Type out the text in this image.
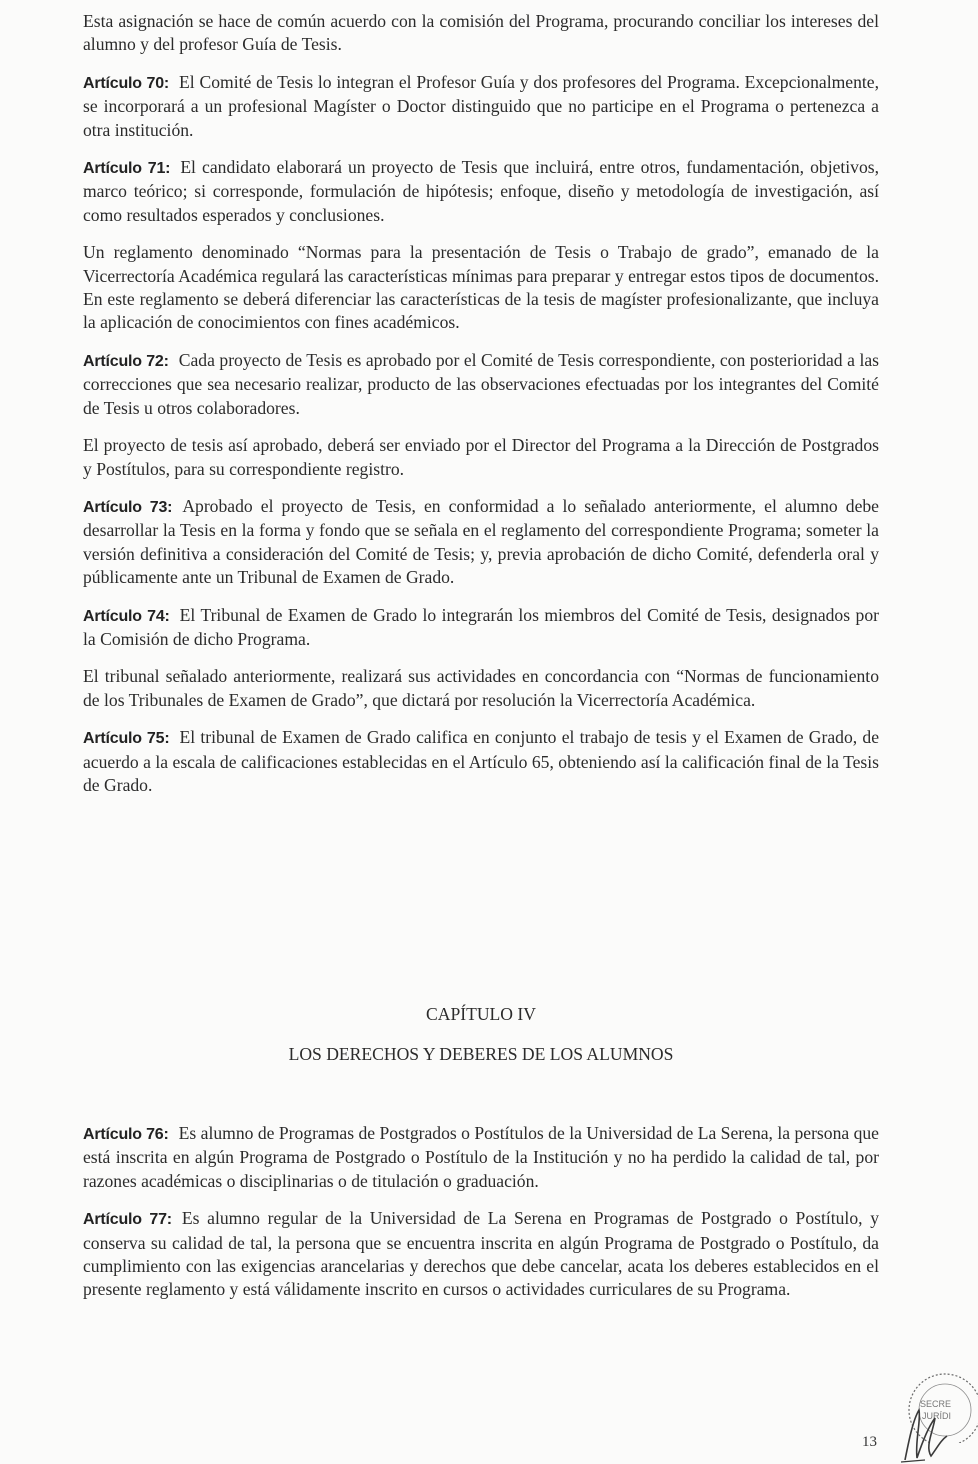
Esta asignación se hace de común acuerdo con la comisión del Programa, procurando conciliar los intereses del alumno y del profesor Guía de Tesis.

Artículo 70: El Comité de Tesis lo integran el Profesor Guía y dos profesores del Programa. Excepcionalmente, se incorporará a un profesional Magíster o Doctor distinguido que no participe en el Programa o pertenezca a otra institución.

Artículo 71: El candidato elaborará un proyecto de Tesis que incluirá, entre otros, fundamentación, objetivos, marco teórico; si corresponde, formulación de hipótesis; enfoque, diseño y metodología de investigación, así como resultados esperados y conclusiones.

Un reglamento denominado “Normas para la presentación de Tesis o Trabajo de grado”, emanado de la Vicerrectoría Académica regulará las características mínimas para preparar y entregar estos tipos de documentos. En este reglamento se deberá diferenciar las características de la tesis de magíster profesionalizante, que incluya la aplicación de conocimientos con fines académicos.

Artículo 72: Cada proyecto de Tesis es aprobado por el Comité de Tesis correspondiente, con posterioridad a las correcciones que sea necesario realizar, producto de las observaciones efectuadas por los integrantes del Comité de Tesis u otros colaboradores.

El proyecto de tesis así aprobado, deberá ser enviado por el Director del Programa a la Dirección de Postgrados y Postítulos, para su correspondiente registro.

Artículo 73: Aprobado el proyecto de Tesis, en conformidad a lo señalado anteriormente, el alumno debe desarrollar la Tesis en la forma y fondo que se señala en el reglamento del correspondiente Programa; someter la versión definitiva a consideración del Comité de Tesis; y, previa aprobación de dicho Comité, defenderla oral y públicamente ante un Tribunal de Examen de Grado.

Artículo 74: El Tribunal de Examen de Grado lo integrarán los miembros del Comité de Tesis, designados por la Comisión de dicho Programa.

El tribunal señalado anteriormente, realizará sus actividades en concordancia con “Normas de funcionamiento de los Tribunales de Examen de Grado”, que dictará por resolución la Vicerrectoría Académica.

Artículo 75: El tribunal de Examen de Grado califica en conjunto el trabajo de tesis y el Examen de Grado, de acuerdo a la escala de calificaciones establecidas en el Artículo 65, obteniendo así la calificación final de la Tesis de Grado.

CAPÍTULO IV

LOS DERECHOS Y DEBERES DE LOS ALUMNOS

Artículo 76: Es alumno de Programas de Postgrados o Postítulos de la Universidad de La Serena, la persona que está inscrita en algún Programa de Postgrado o Postítulo de la Institución y no ha perdido la calidad de tal, por razones académicas o disciplinarias o de titulación o graduación.

Artículo 77: Es alumno regular de la Universidad de La Serena en Programas de Postgrado o Postítulo, y conserva su calidad de tal, la persona que se encuentra inscrita en algún Programa de Postgrado o Postítulo, da cumplimiento con las exigencias arancelarias y derechos que debe cancelar, acata los deberes establecidos en el presente reglamento y está válidamente inscrito en cursos o actividades curriculares de su Programa.

SECRE
JURÍDI
13
